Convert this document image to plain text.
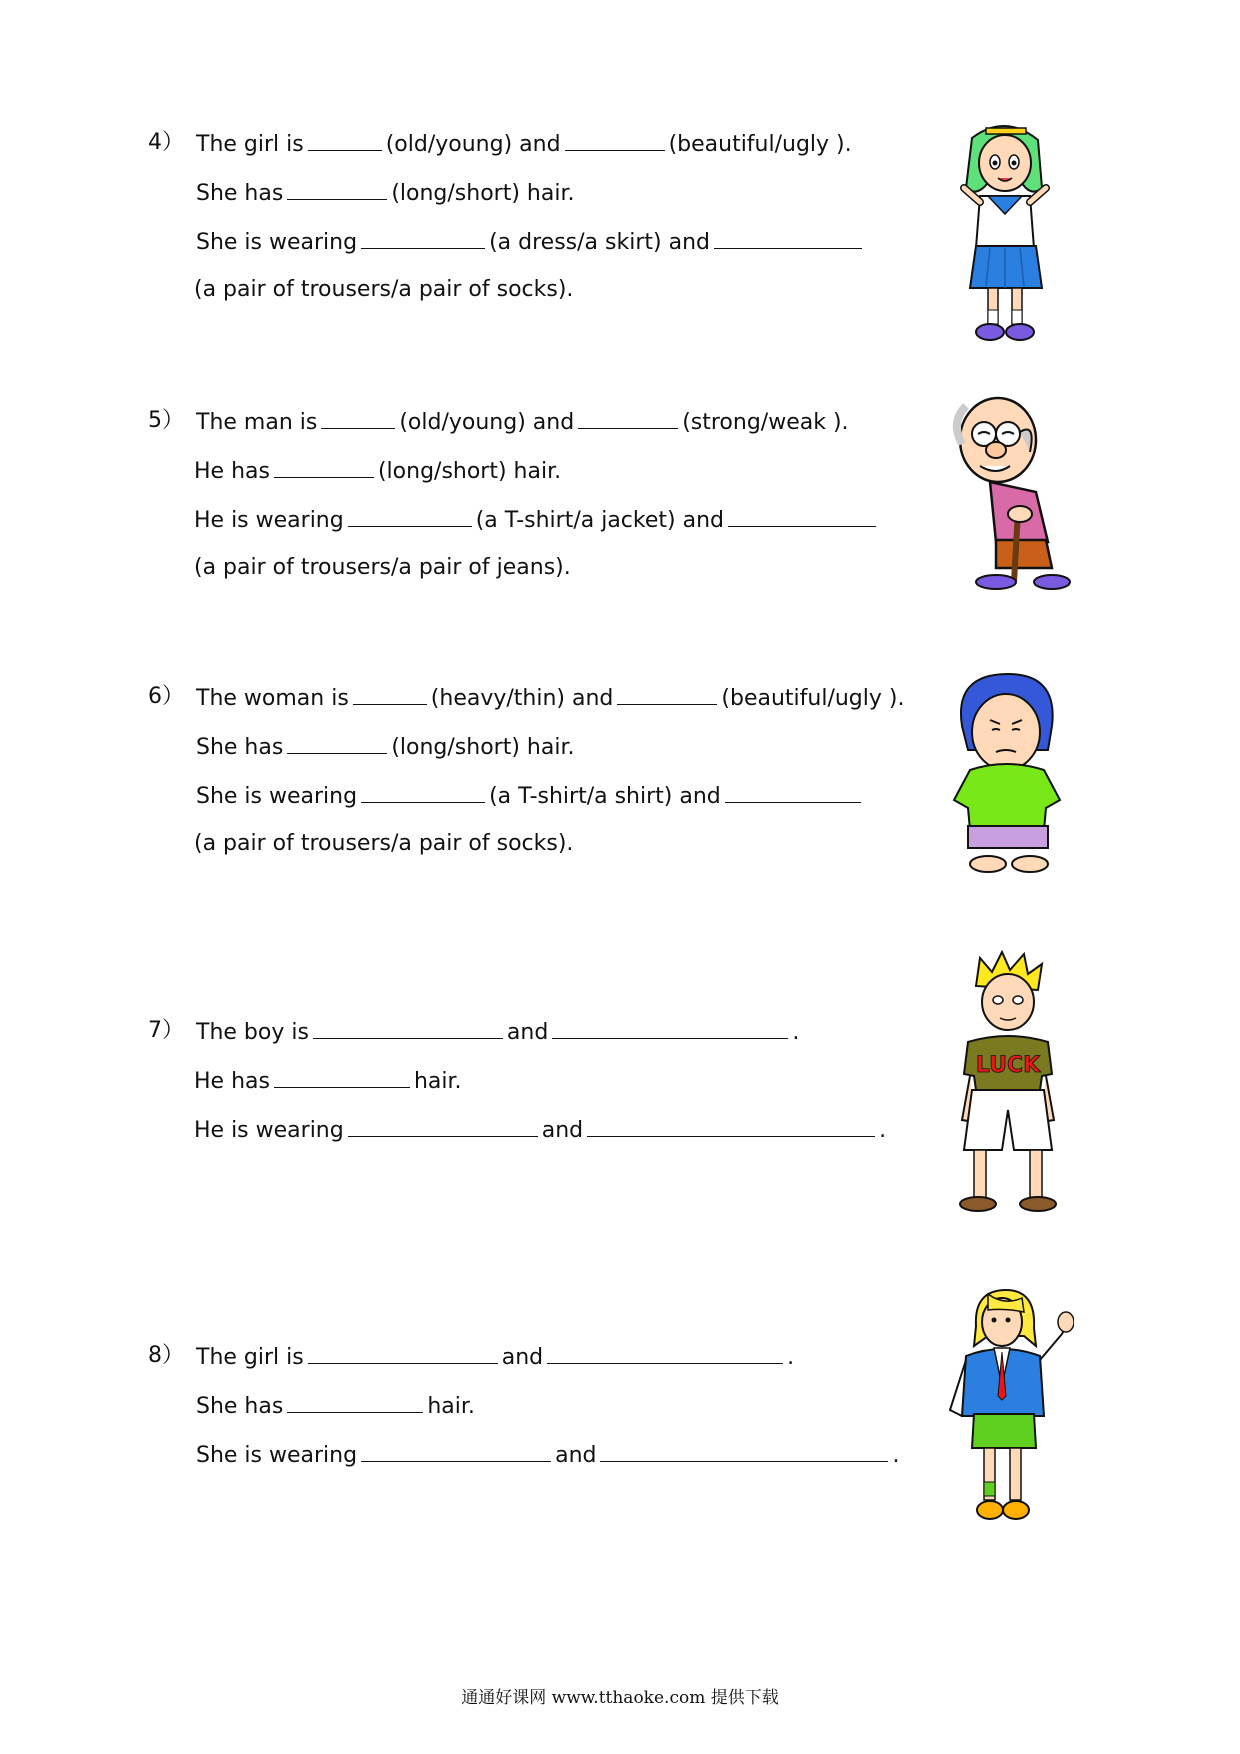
4） The girl is	(old/young) and	(beautiful/ugly ).
She has	(long/short) hair.
She is wearing	(a dress/a skirt) and
(a pair of trousers/a pair of socks).
5） The man is	(old/young) and	(strong/weak ).
He has	(long/short) hair.
He is wearing	(a T-shirt/a jacket) and
(a pair of trousers/a pair of jeans).
6） The woman is	(heavy/thin) and	(beautiful/ugly ).
She has	(long/short) hair.
She is wearing	(a T-shirt/a shirt) and
(a pair of trousers/a pair of socks).
7） The boy is	and	.
He has	hair.
He is wearing	and	.
8） The girl is	and	.
She has	hair.
She is wearing	and	.
LUCK
通通好课网 www.tthaoke.com 提供下载
